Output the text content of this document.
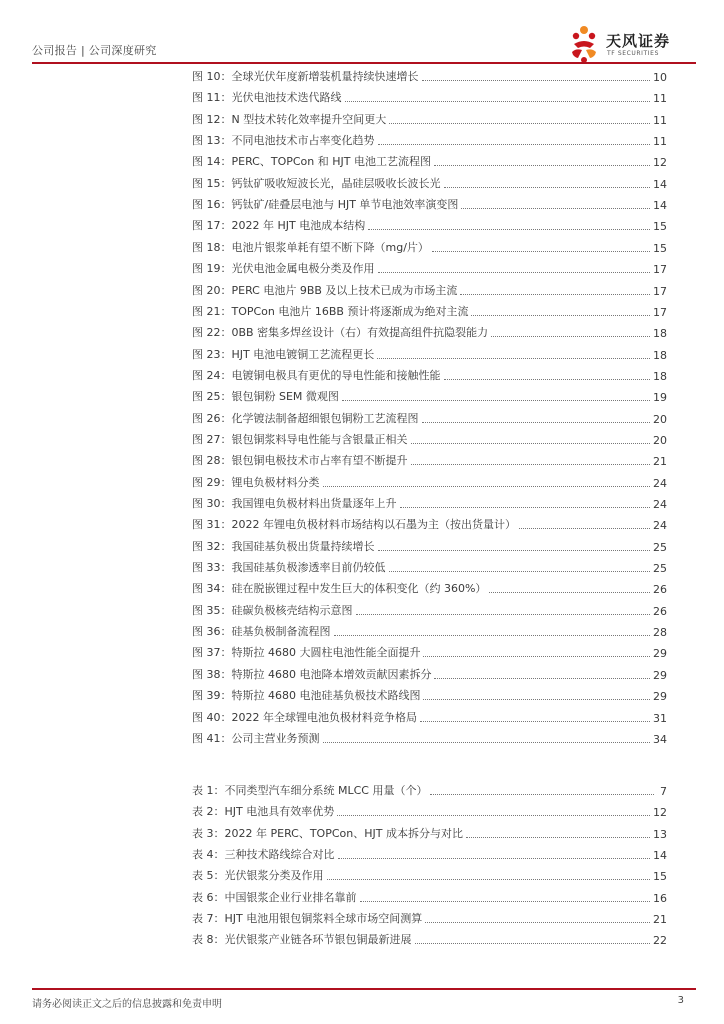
公司报告 | 公司深度研究
天风证券
TF SECURITIES
图 10：全球光伏年度新增装机量持续快速增长	10
图 11：光伏电池技术迭代路线	11
图 12：N 型技术转化效率提升空间更大	11
图 13：不同电池技术市占率变化趋势	11
图 14：PERC、TOPCon 和 HJT 电池工艺流程图	12
图 15：钙钛矿吸收短波长光，晶硅层吸收长波长光	14
图 16：钙钛矿/硅叠层电池与 HJT 单节电池效率演变图	14
图 17：2022 年 HJT 电池成本结构	15
图 18：电池片银浆单耗有望不断下降（mg/片）	15
图 19：光伏电池金属电极分类及作用	17
图 20：PERC 电池片 9BB 及以上技术已成为市场主流	17
图 21：TOPCon 电池片 16BB 预计将逐渐成为绝对主流	17
图 22：0BB 密集多焊丝设计（右）有效提高组件抗隐裂能力	18
图 23：HJT 电池电镀铜工艺流程更长	18
图 24：电镀铜电极具有更优的导电性能和接触性能	18
图 25：银包铜粉 SEM 微观图	19
图 26：化学镀法制备超细银包铜粉工艺流程图	20
图 27：银包铜浆料导电性能与含银量正相关	20
图 28：银包铜电极技术市占率有望不断提升	21
图 29：锂电负极材料分类	24
图 30：我国锂电负极材料出货量逐年上升	24
图 31：2022 年锂电负极材料市场结构以石墨为主（按出货量计）	24
图 32：我国硅基负极出货量持续增长	25
图 33：我国硅基负极渗透率目前仍较低	25
图 34：硅在脱嵌锂过程中发生巨大的体积变化（约 360%）	26
图 35：硅碳负极核壳结构示意图	26
图 36：硅基负极制备流程图	28
图 37：特斯拉 4680 大圆柱电池性能全面提升	29
图 38：特斯拉 4680 电池降本增效贡献因素拆分	29
图 39：特斯拉 4680 电池硅基负极技术路线图	29
图 40：2022 年全球锂电池负极材料竞争格局	31
图 41：公司主营业务预测	34
表 1：不同类型汽车细分系统 MLCC 用量（个）	7
表 2：HJT 电池具有效率优势	12
表 3：2022 年 PERC、TOPCon、HJT 成本拆分与对比	13
表 4：三种技术路线综合对比	14
表 5：光伏银浆分类及作用	15
表 6：中国银浆企业行业排名靠前	16
表 7：HJT 电池用银包铜浆料全球市场空间测算	21
表 8：光伏银浆产业链各环节银包铜最新进展	22
请务必阅读正文之后的信息披露和免责申明	3
